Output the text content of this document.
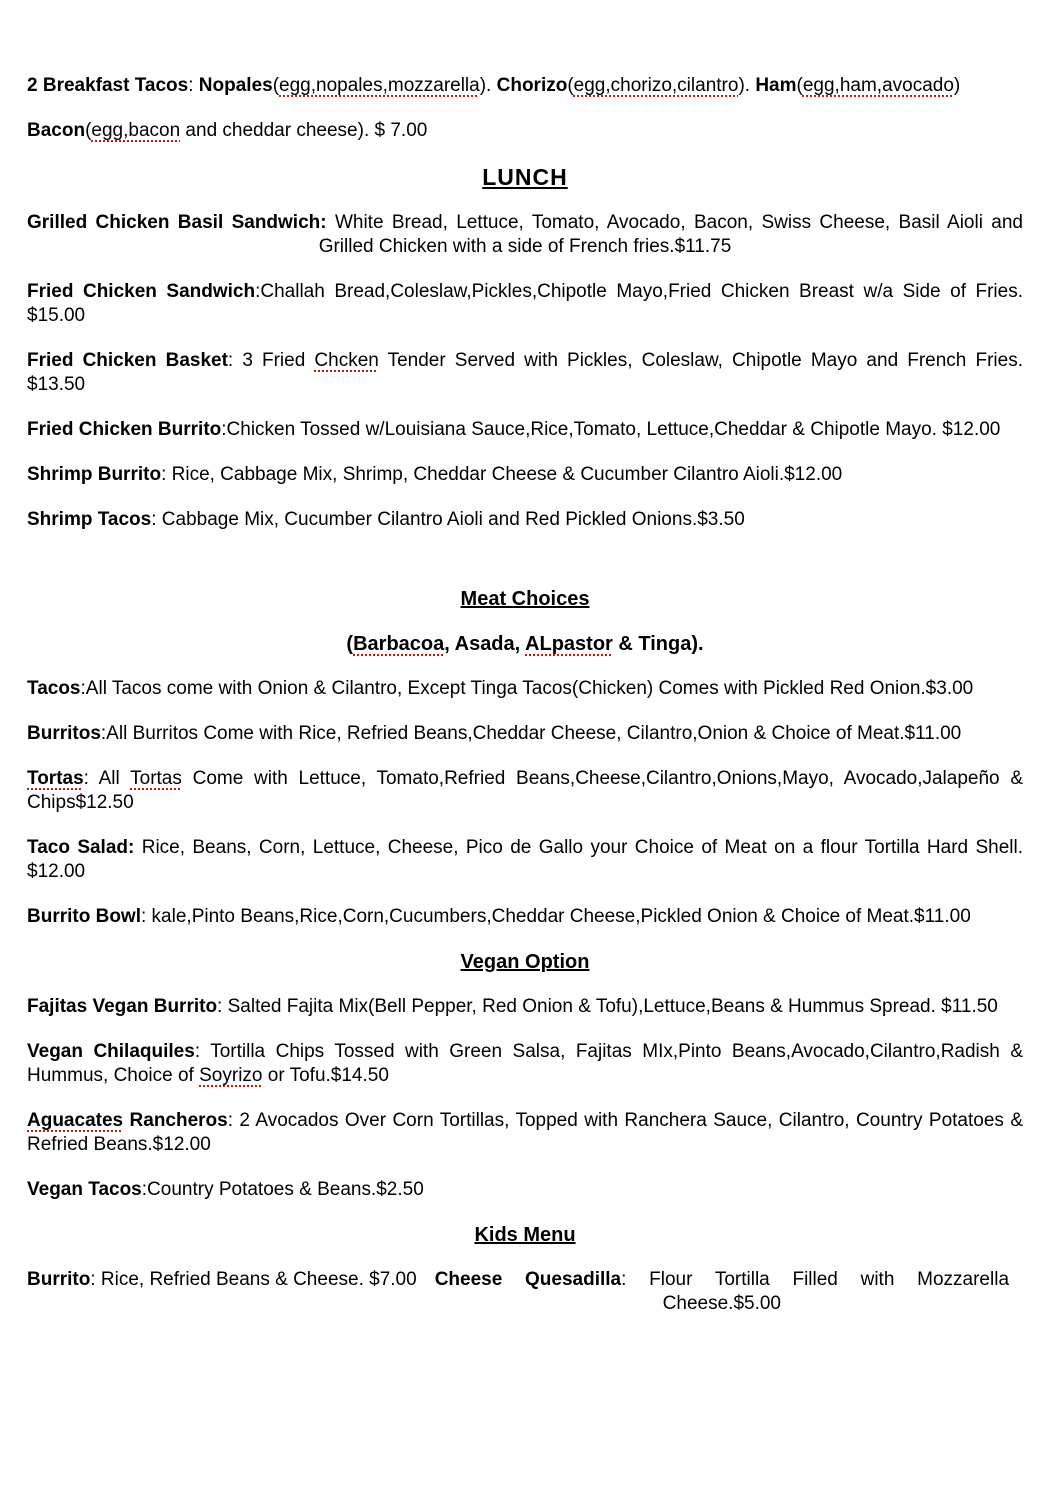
2 Breakfast Tacos: Nopales(egg,nopales,mozzarella). Chorizo(egg,chorizo,cilantro). Ham(egg,ham,avocado)

Bacon(egg,bacon and cheddar cheese). $ 7.00

LUNCH

Grilled Chicken Basil Sandwich: White Bread, Lettuce, Tomato, Avocado, Bacon, Swiss Cheese, Basil Aioli and Grilled Chicken with a side of French fries.$11.75

Fried Chicken Sandwich:Challah Bread,Coleslaw,Pickles,Chipotle Mayo,Fried Chicken Breast w/a Side of Fries. $15.00

Fried Chicken Basket: 3 Fried Chcken Tender Served with Pickles, Coleslaw, Chipotle Mayo and French Fries. $13.50

Fried Chicken Burrito:Chicken Tossed w/Louisiana Sauce,Rice,Tomato, Lettuce,Cheddar & Chipotle Mayo. $12.00

Shrimp Burrito: Rice, Cabbage Mix, Shrimp, Cheddar Cheese & Cucumber Cilantro Aioli.$12.00

Shrimp Tacos: Cabbage Mix, Cucumber Cilantro Aioli and Red Pickled Onions.$3.50

Meat Choices
(Barbacoa, Asada, ALpastor & Tinga).

Tacos:All Tacos come with Onion & Cilantro, Except Tinga Tacos(Chicken) Comes with Pickled Red Onion.$3.00

Burritos:All Burritos Come with Rice, Refried Beans,Cheddar Cheese, Cilantro,Onion & Choice of Meat.$11.00

Tortas: All Tortas Come with Lettuce, Tomato,Refried Beans,Cheese,Cilantro,Onions,Mayo, Avocado,Jalapeño & Chips$12.50

Taco Salad: Rice, Beans, Corn, Lettuce, Cheese, Pico de Gallo your Choice of Meat on a flour Tortilla Hard Shell. $12.00

Burrito Bowl: kale,Pinto Beans,Rice,Corn,Cucumbers,Cheddar Cheese,Pickled Onion & Choice of Meat.$11.00

Vegan Option

Fajitas Vegan Burrito: Salted Fajita Mix(Bell Pepper, Red Onion & Tofu),Lettuce,Beans & Hummus Spread. $11.50

Vegan Chilaquiles: Tortilla Chips Tossed with Green Salsa, Fajitas MIx,Pinto Beans,Avocado,Cilantro,Radish & Hummus, Choice of Soyrizo or Tofu.$14.50

Aguacates Rancheros: 2 Avocados Over Corn Tortillas, Topped with Ranchera Sauce, Cilantro, Country Potatoes & Refried Beans.$12.00

Vegan Tacos:Country Potatoes & Beans.$2.50

Kids Menu
Burrito: Rice, Refried Beans & Cheese. $7.00 Cheese Quesadilla: Flour Tortilla Filled with Mozzarella Cheese.$5.00
